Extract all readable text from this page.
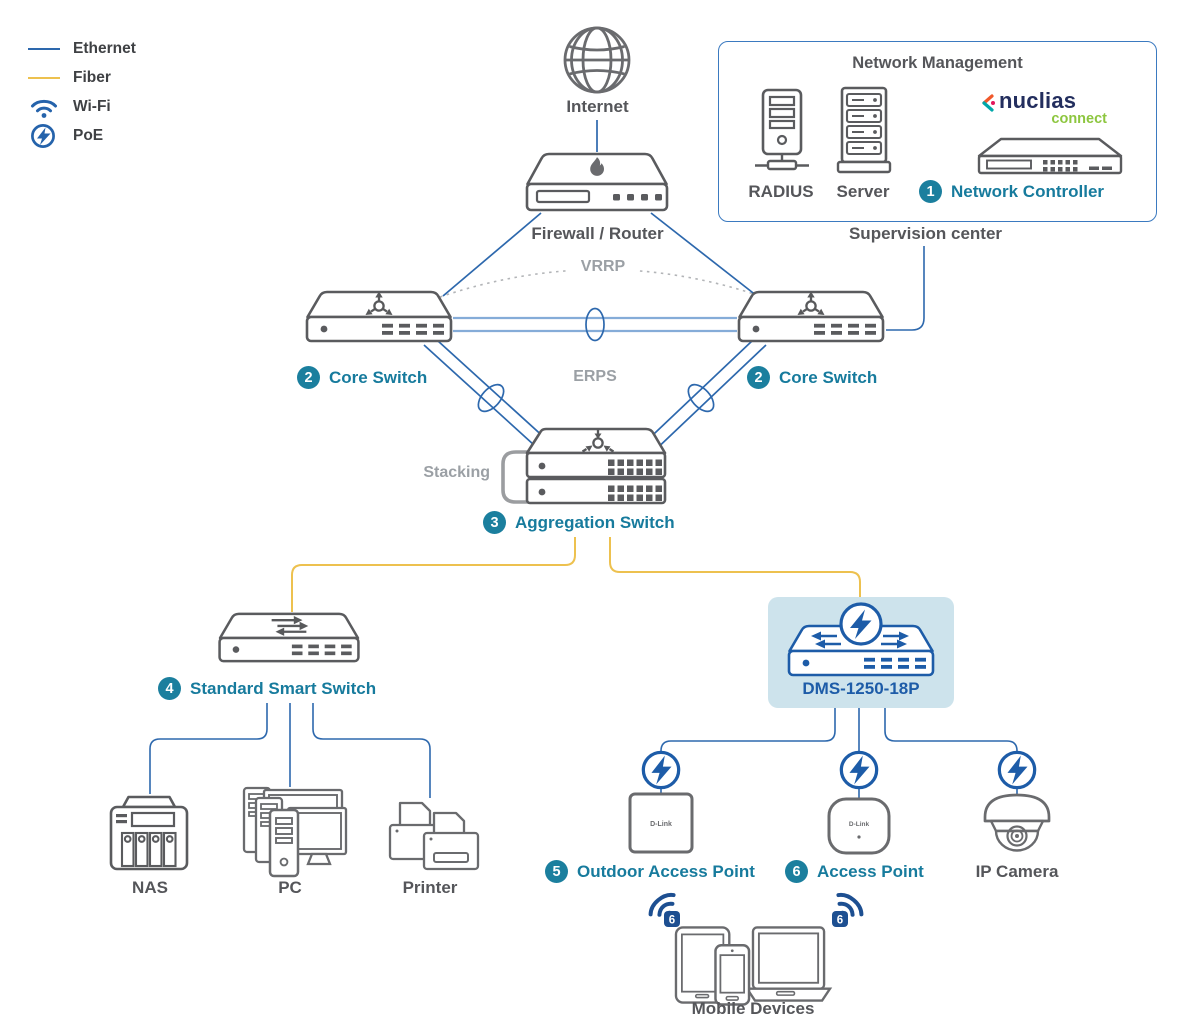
Ethernet
Fiber
Wi-Fi
PoE
Internet
Firewall / Router
Network Management
RADIUS	Server
nuclias
connect
1 Network Controller
Supervision center
2 Core Switch	2 Core Switch
VRRP
ERPS
Stacking
3 Aggregation Switch
4 Standard Smart Switch	DMS-1250-18P
D-Link
5 Outdoor Access Point
D-Link
6 Access Point	IP Camera
6	6
NAS	PC	Printer
Mobile Devices
